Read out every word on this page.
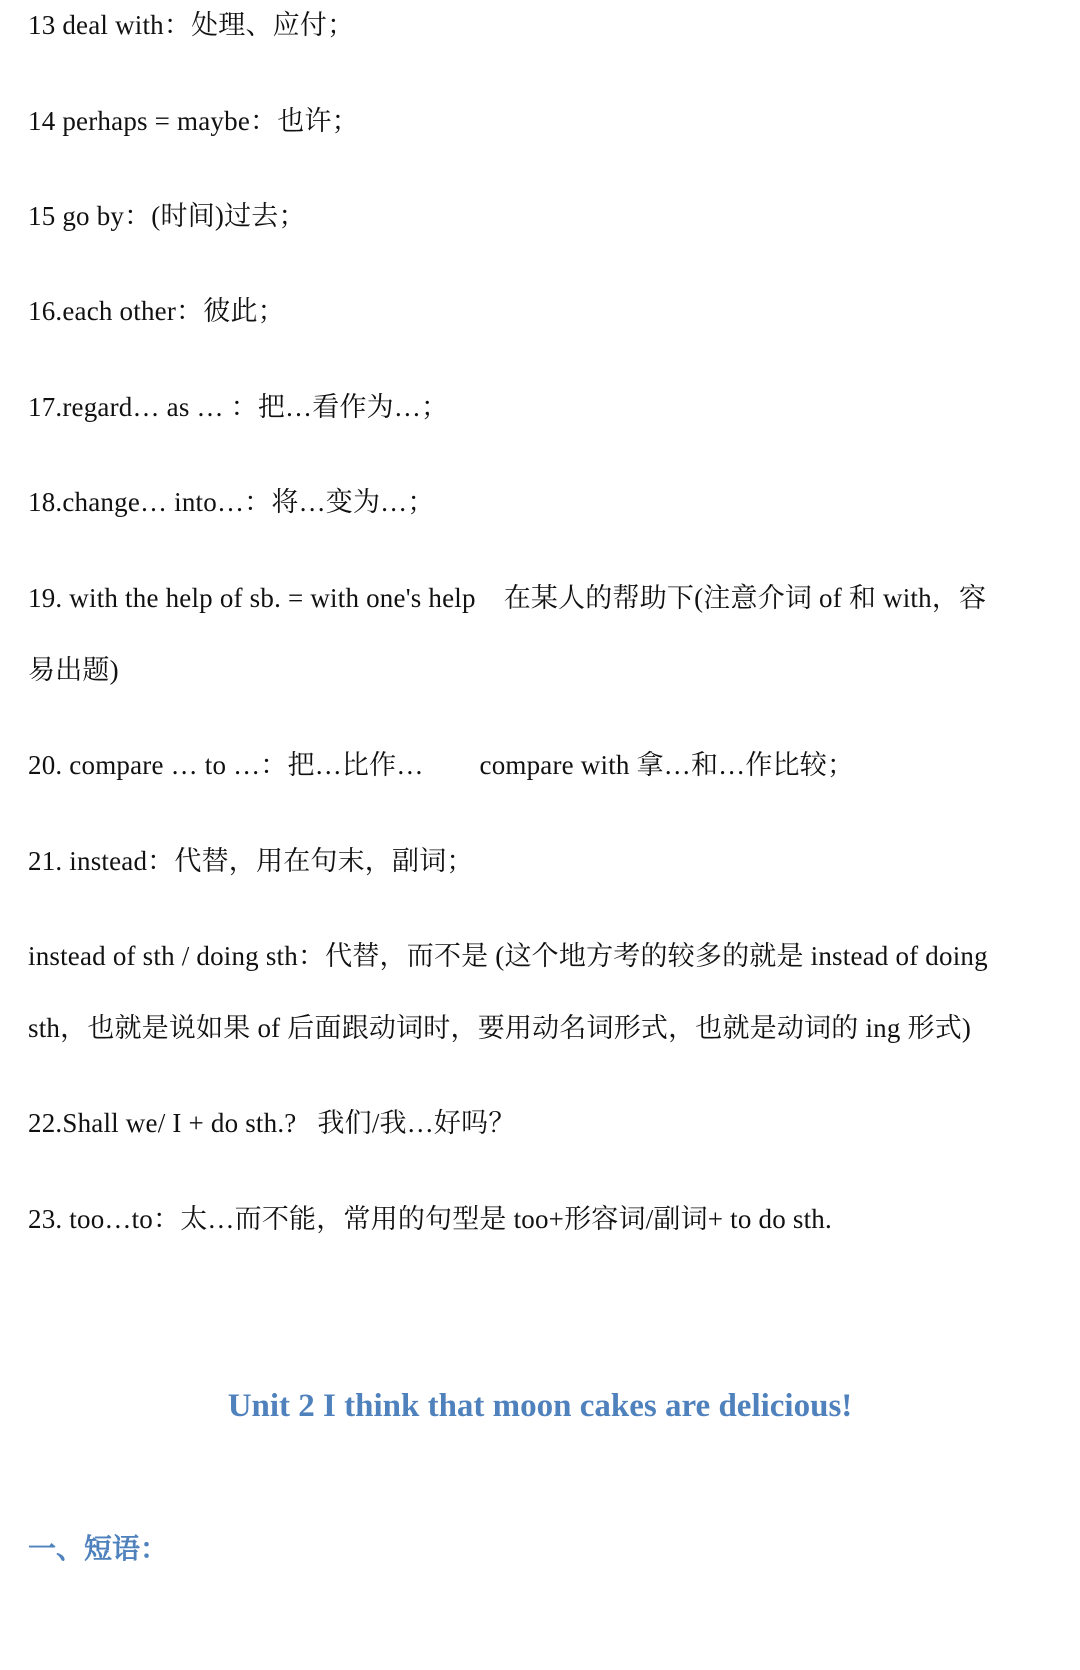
13 deal with：处理、应付；
14 perhaps = maybe：也许；
15 go by：(时间)过去；
16.each other：彼此；
17.regard… as … ：把…看作为…；
18.change… into…：将…变为…；
19. with the help of sb. = with one's help 在某人的帮助下(注意介词 of 和 with，容
易出题)
20. compare … to …：把…比作… compare with 拿…和…作比较；
21. instead：代替，用在句末，副词；
instead of sth / doing sth：代替，而不是 (这个地方考的较多的就是 instead of doing
sth，也就是说如果 of 后面跟动词时，要用动名词形式，也就是动词的 ing 形式)
22.Shall we/ I + do sth.? 我们/我…好吗？
23. too…to：太…而不能，常用的句型是 too+形容词/副词+ to do sth.
Unit 2 I think that moon cakes are delicious!
一、短语：
